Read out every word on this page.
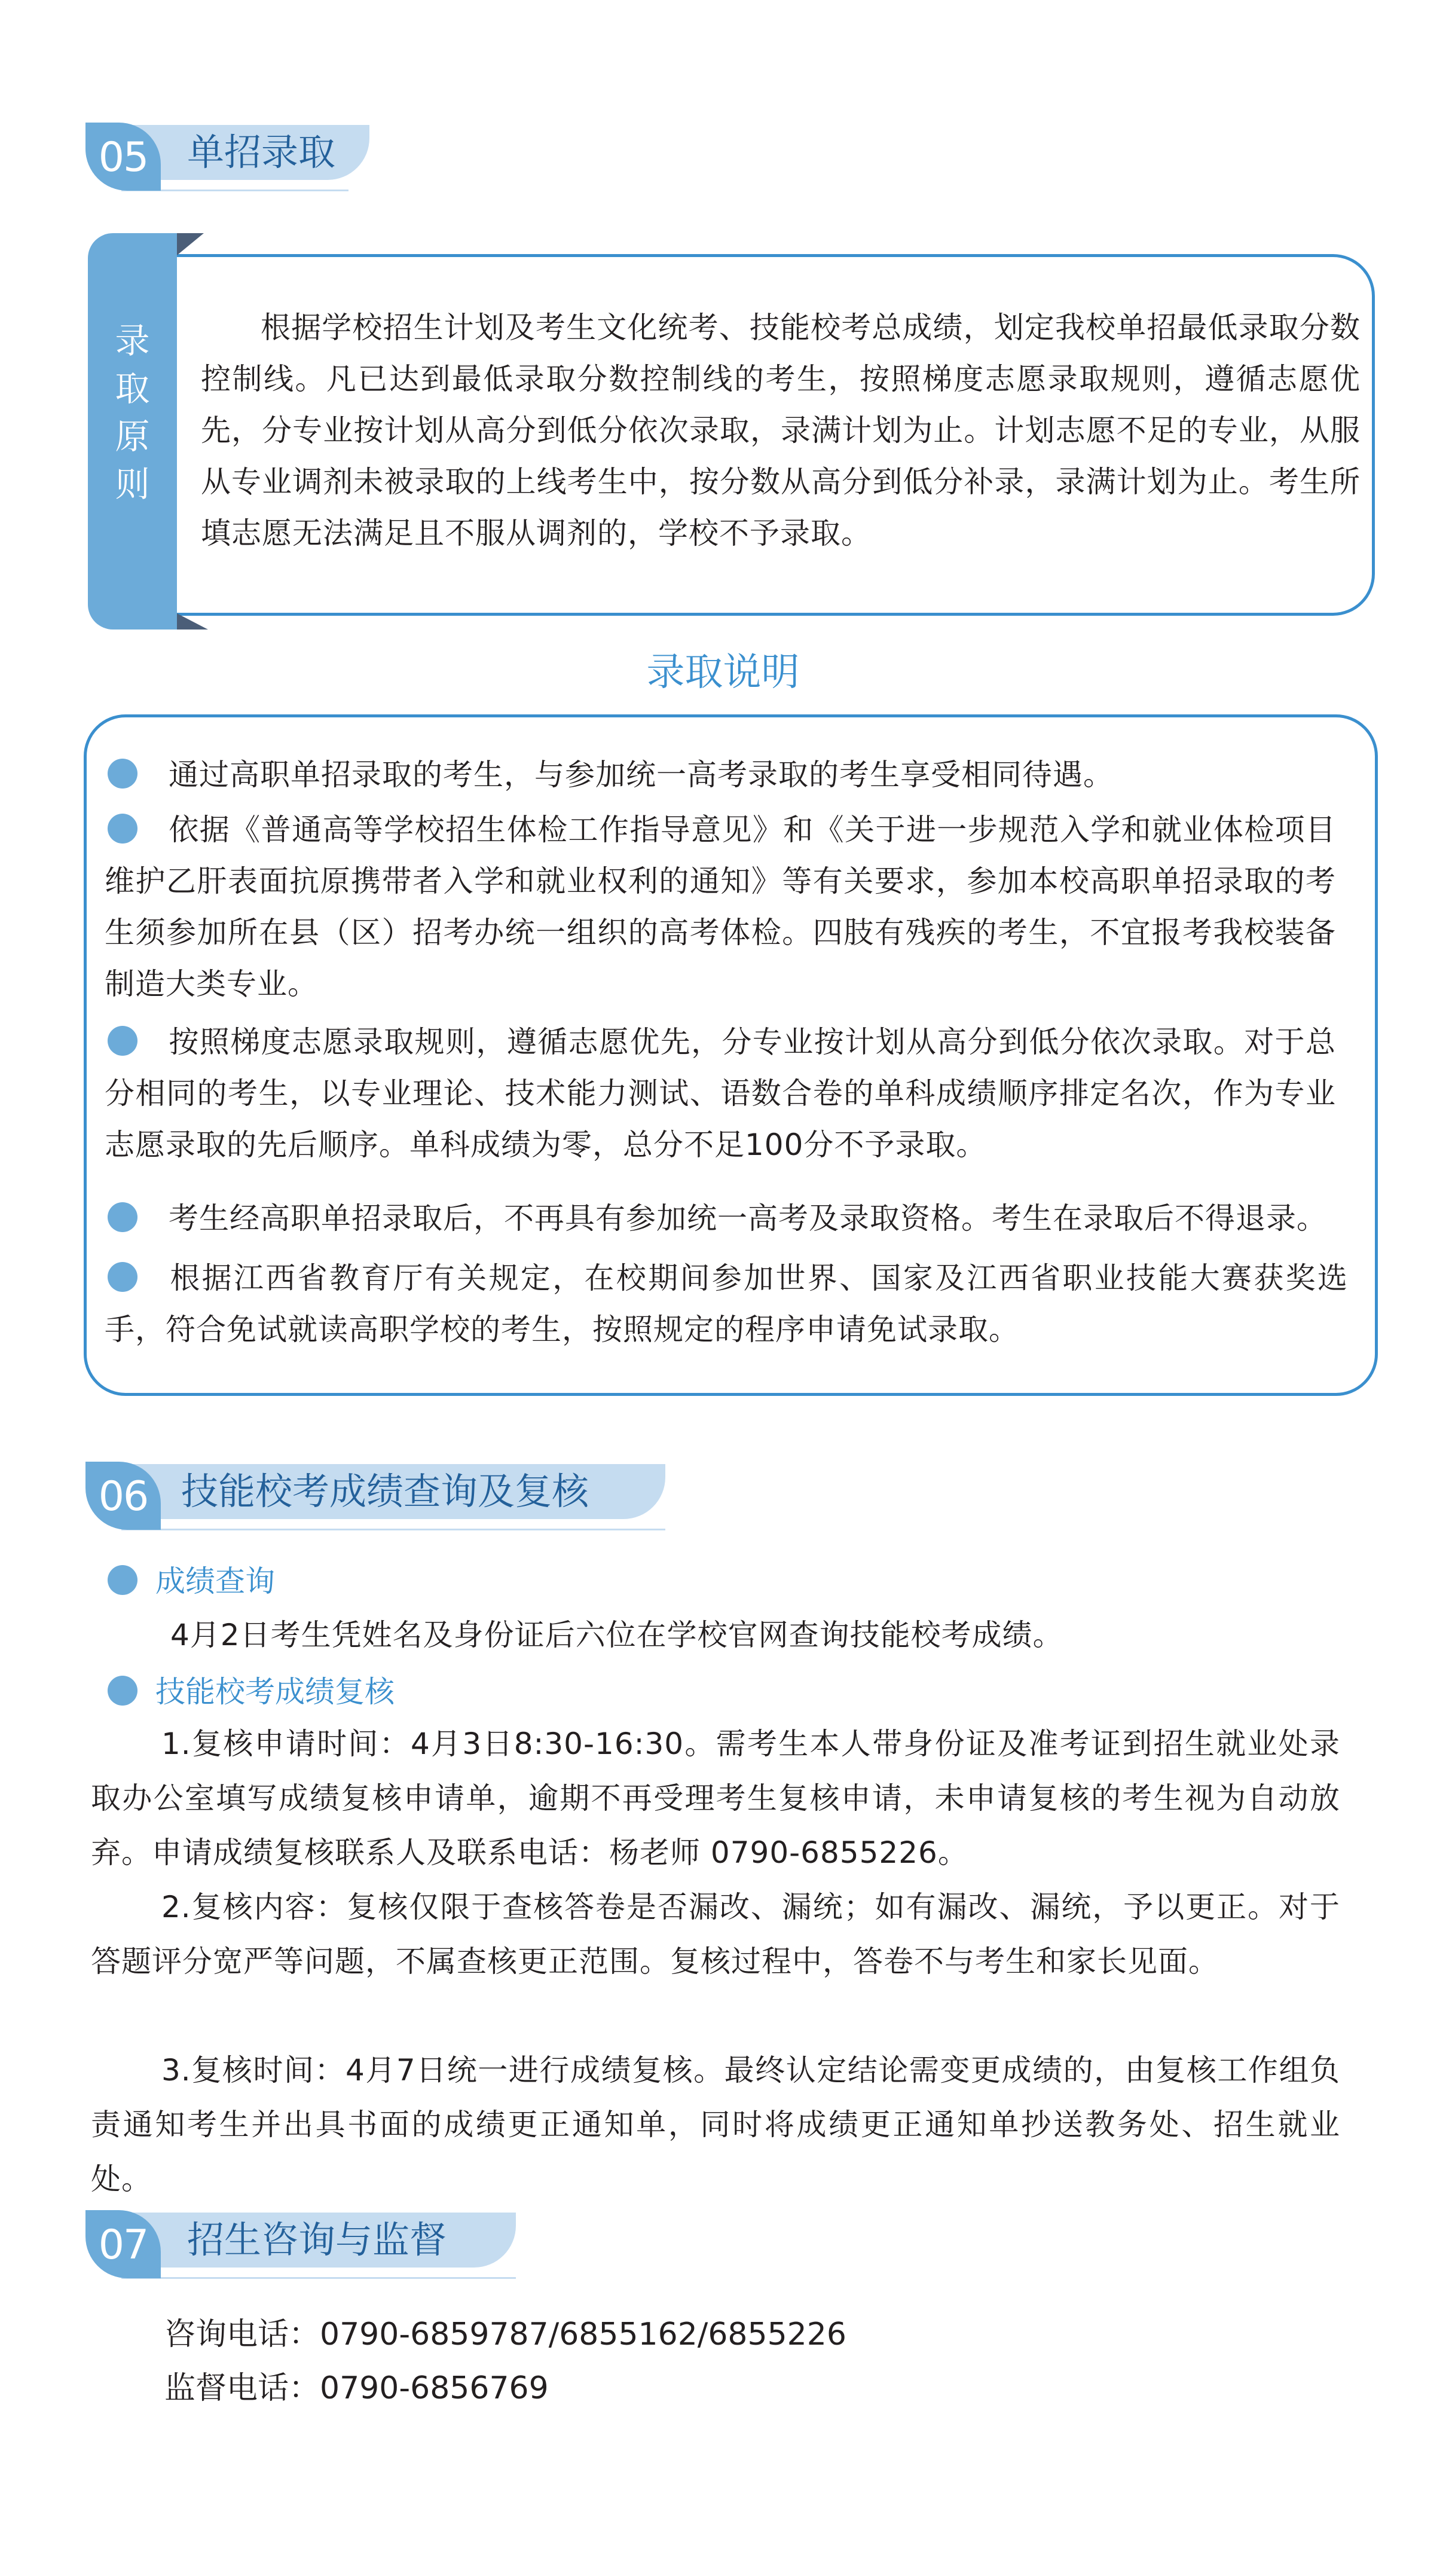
05	单招录取
录
取
原
则
根据学校招生计划及考生文化统考、技能校考总成绩，划定我校单招最低录取分数控制线。凡已达到最低录取分数控制线的考生，按照梯度志愿录取规则，遵循志愿优先，分专业按计划从高分到低分依次录取，录满计划为止。计划志愿不足的专业，从服从专业调剂未被录取的上线考生中，按分数从高分到低分补录，录满计划为止。考生所填志愿无法满足且不服从调剂的，学校不予录取。
录取说明
通过高职单招录取的考生，与参加统一高考录取的考生享受相同待遇。
依据《普通高等学校招生体检工作指导意见》和《关于进一步规范入学和就业体检项目维护乙肝表面抗原携带者入学和就业权利的通知》等有关要求，参加本校高职单招录取的考生须参加所在县（区）招考办统一组织的高考体检。四肢有残疾的考生，不宜报考我校装备制造大类专业。
按照梯度志愿录取规则，遵循志愿优先，分专业按计划从高分到低分依次录取。对于总分相同的考生，以专业理论、技术能力测试、语数合卷的单科成绩顺序排定名次，作为专业志愿录取的先后顺序。单科成绩为零，总分不足100分不予录取。
考生经高职单招录取后，不再具有参加统一高考及录取资格。考生在录取后不得退录。
根据江西省教育厅有关规定，在校期间参加世界、国家及江西省职业技能大赛获奖选手，符合免试就读高职学校的考生，按照规定的程序申请免试录取。
06 技能校考成绩查询及复核
成绩查询
4月2日考生凭姓名及身份证后六位在学校官网查询技能校考成绩。
技能校考成绩复核
1.复核申请时间：4月3日8:30-16:30。需考生本人带身份证及准考证到招生就业处录取办公室填写成绩复核申请单，逾期不再受理考生复核申请，未申请复核的考生视为自动放弃。申请成绩复核联系人及联系电话：杨老师 0790-6855226。
2.复核内容：复核仅限于查核答卷是否漏改、漏统；如有漏改、漏统，予以更正。对于答题评分宽严等问题，不属查核更正范围。复核过程中，答卷不与考生和家长见面。
3.复核时间：4月7日统一进行成绩复核。最终认定结论需变更成绩的，由复核工作组负责通知考生并出具书面的成绩更正通知单，同时将成绩更正通知单抄送教务处、招生就业处。
07	招生咨询与监督
咨询电话：0790-6859787/6855162/6855226
监督电话：0790-6856769
